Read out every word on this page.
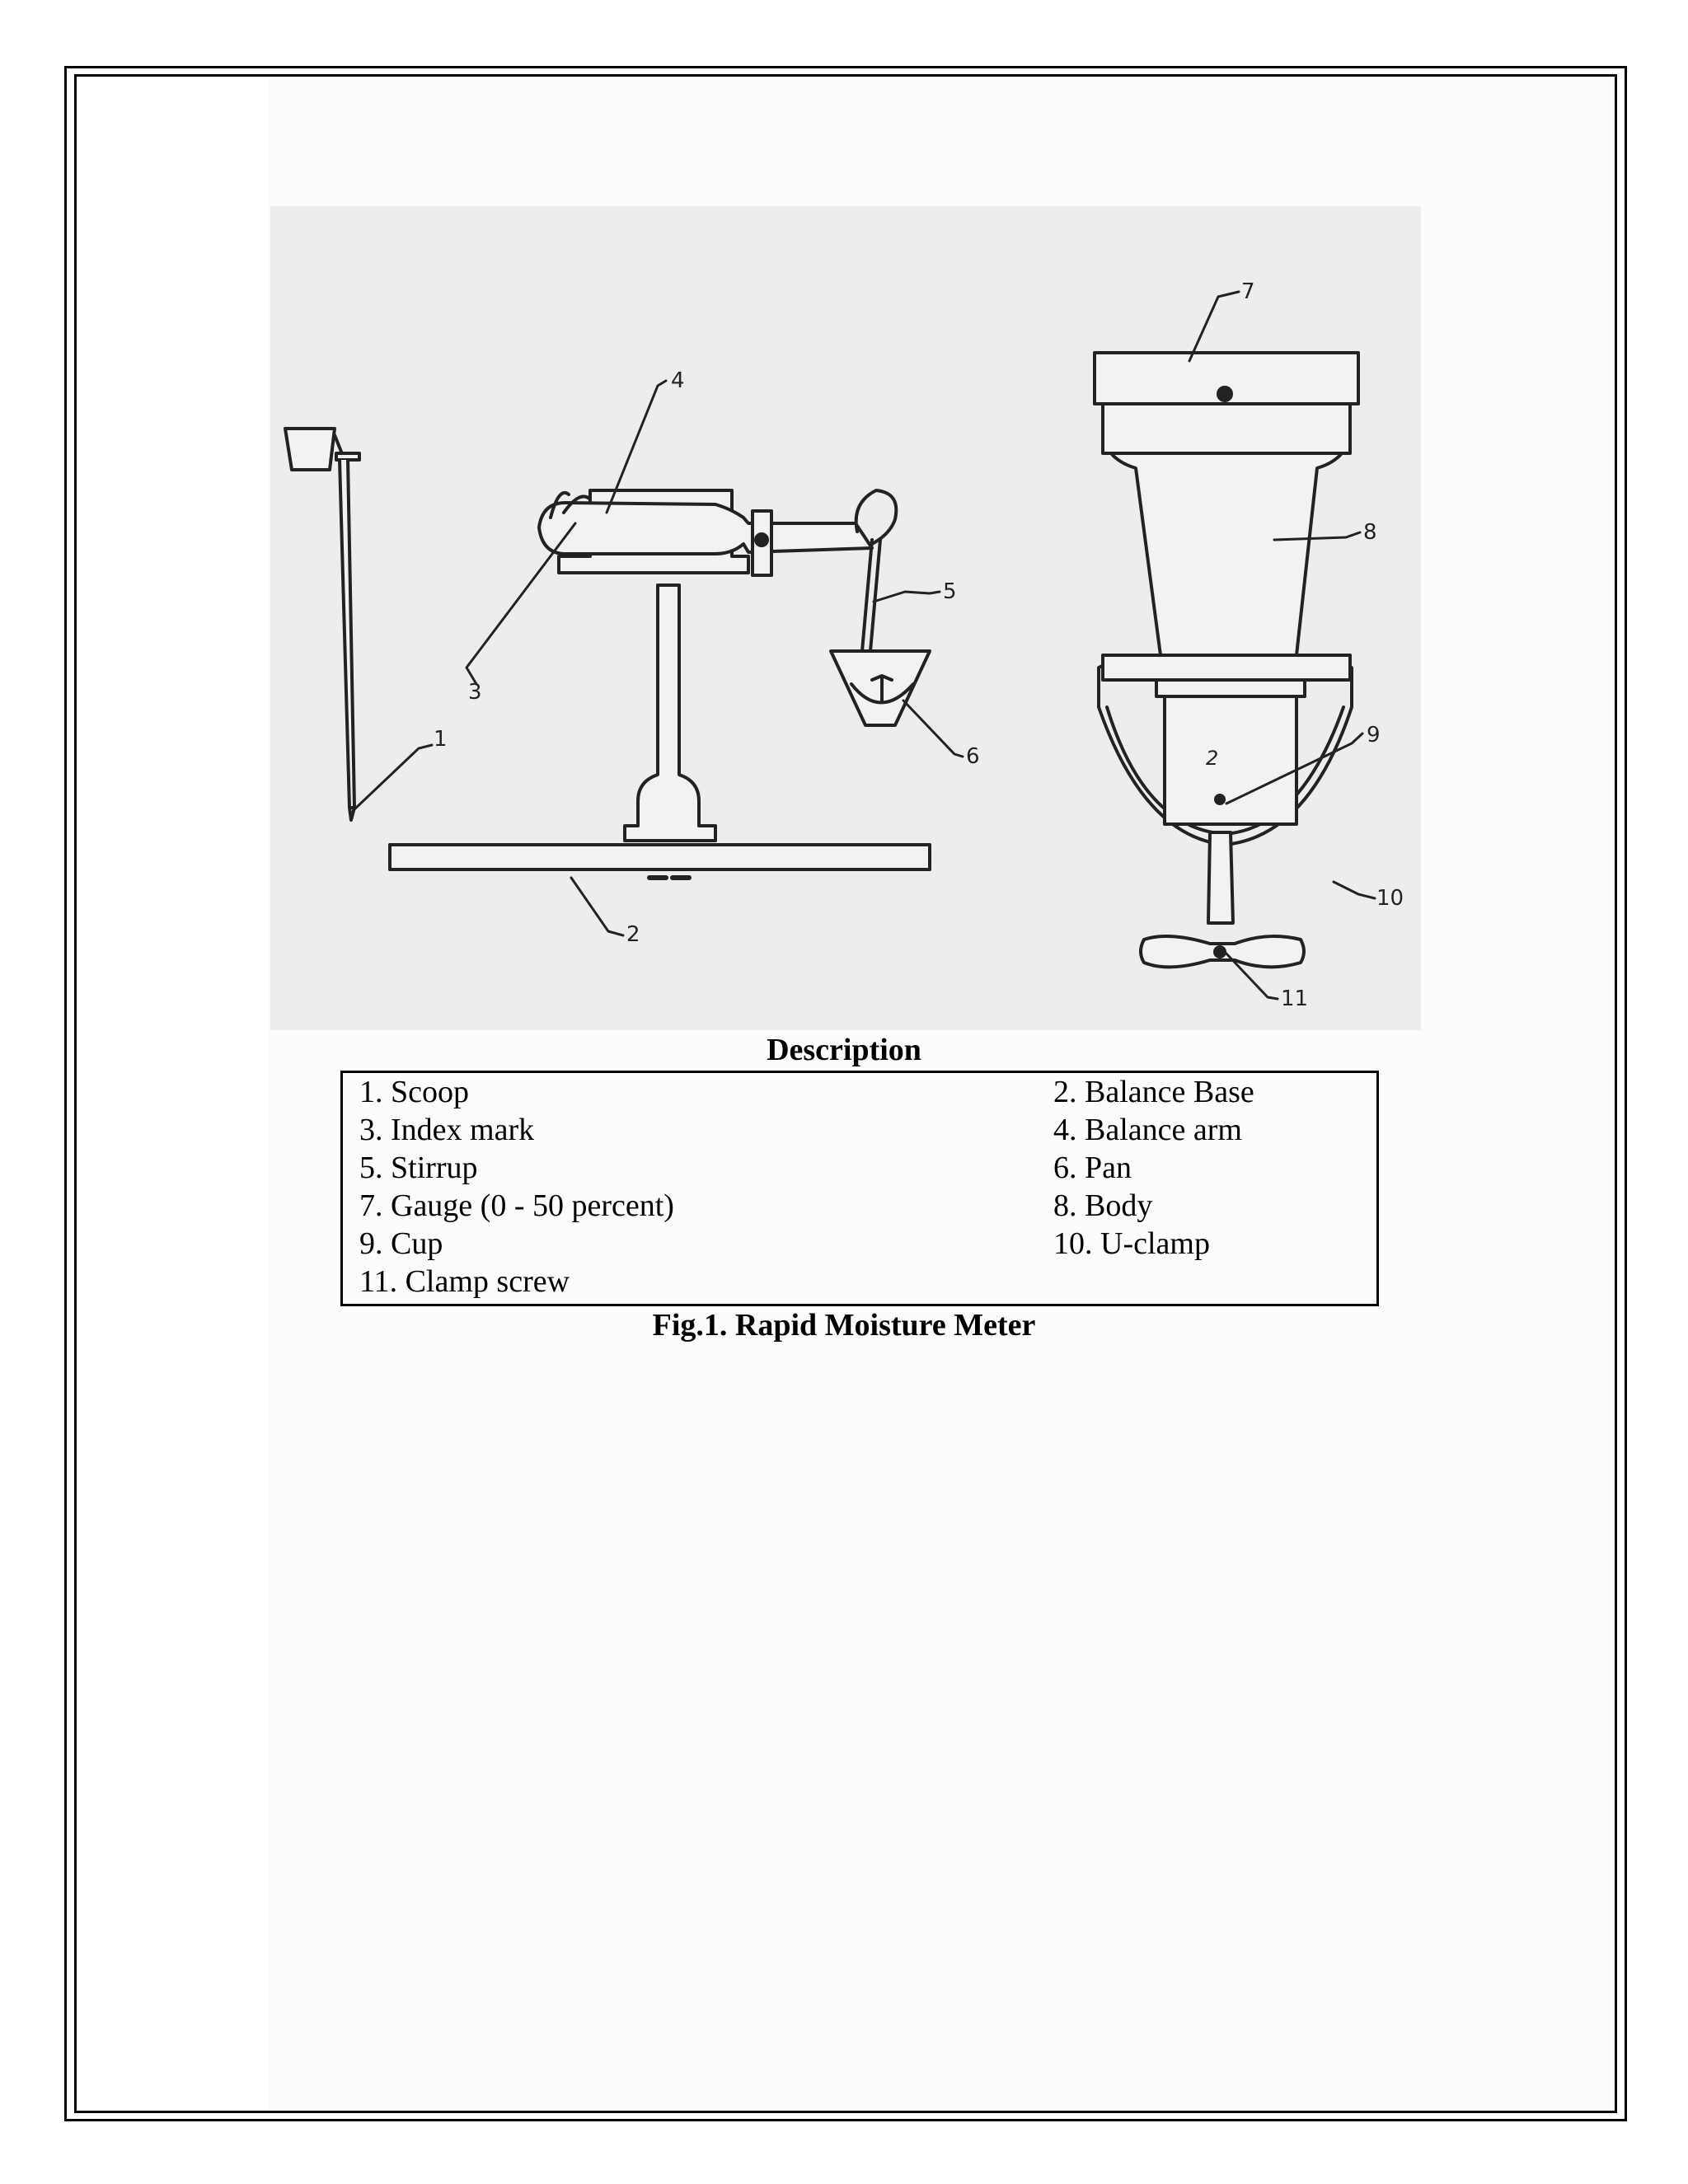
1
2
3
4
5
6
7
8
9
10
11
2
Description
1. Scoop	2. Balance Base
3. Index mark	4. Balance arm
5. Stirrup	6. Pan
7. Gauge (0 - 50 percent)	8. Body
9. Cup	10. U-clamp
11. Clamp screw
Fig.1. Rapid Moisture Meter
